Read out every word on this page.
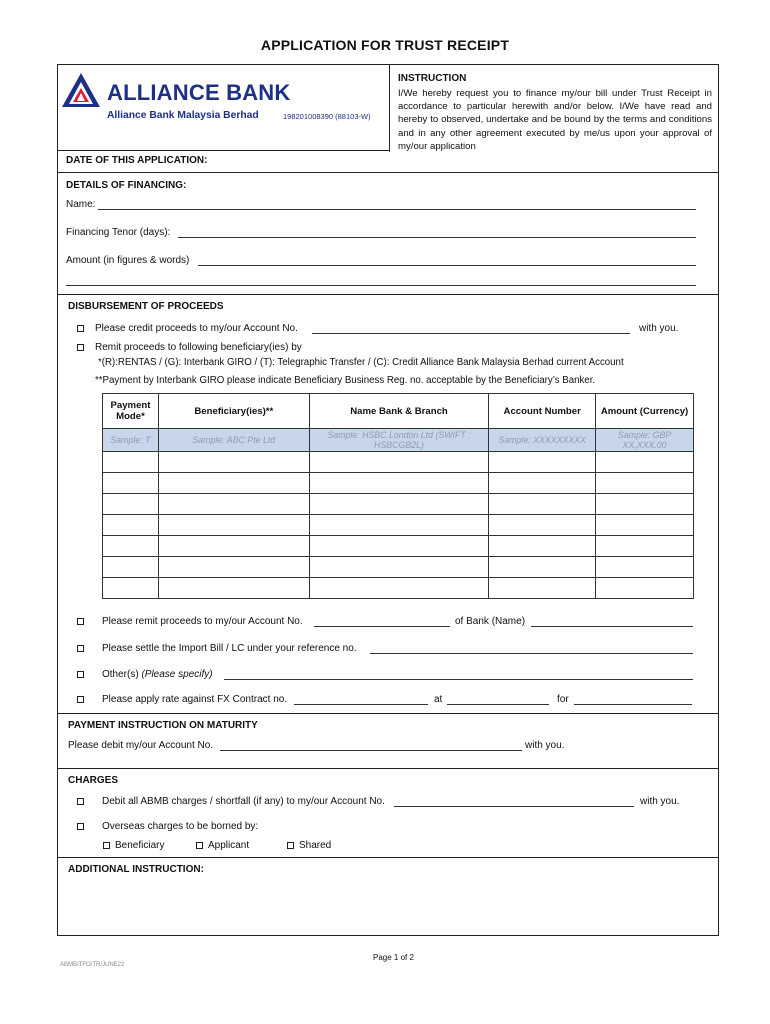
APPLICATION FOR TRUST RECEIPT
ALLIANCE BANK
Alliance Bank Malaysia Berhad	198201008390 (88103-W)
INSTRUCTION
I/We hereby request you to finance my/our bill under Trust Receipt in accordance to particular herewith and/or below. I/We have read and hereby to observed, undertake and be bound by the terms and conditions and in any other agreement executed by me/us upon your approval of my/our application
DATE OF THIS APPLICATION:
DETAILS OF FINANCING:
Name:
Financing Tenor (days):
Amount (in figures & words)
DISBURSEMENT OF PROCEEDS
Please credit proceeds to my/our Account No.	with you.
Remit proceeds to following beneficiary(ies) by
*(R):RENTAS / (G): Interbank GIRO / (T): Telegraphic Transfer / (C): Credit Alliance Bank Malaysia Berhad current Account
**Payment by Interbank GIRO please indicate Beneficiary Business Reg. no. acceptable by the Beneficiary’s Banker.
Payment Mode*	Beneficiary(ies)**	Name Bank & Branch	Account Number	Amount (Currency)
Sample: T	Sample: ABC Pte Ltd	Sample: HSBC London Ltd (SWIFT : HSBCGB2L)	Sample: XXXXXXXXX	Sample: GBP XX,XXX.00

Please remit proceeds to my/our Account No.	of Bank (Name)
Please settle the Import Bill / LC under your reference no.
Other(s) (Please specify)
Please apply rate against FX Contract no.	at	for
PAYMENT INSTRUCTION ON MATURITY
Please debit my/our Account No.	with you.
CHARGES
Debit all ABMB charges / shortfall (if any) to my/our Account No.	with you.
Overseas charges to be borned by:
Beneficiary	Applicant	Shared
ADDITIONAL INSTRUCTION:
Page 1 of 2
ABMB/TFO/TR/JUNE22
